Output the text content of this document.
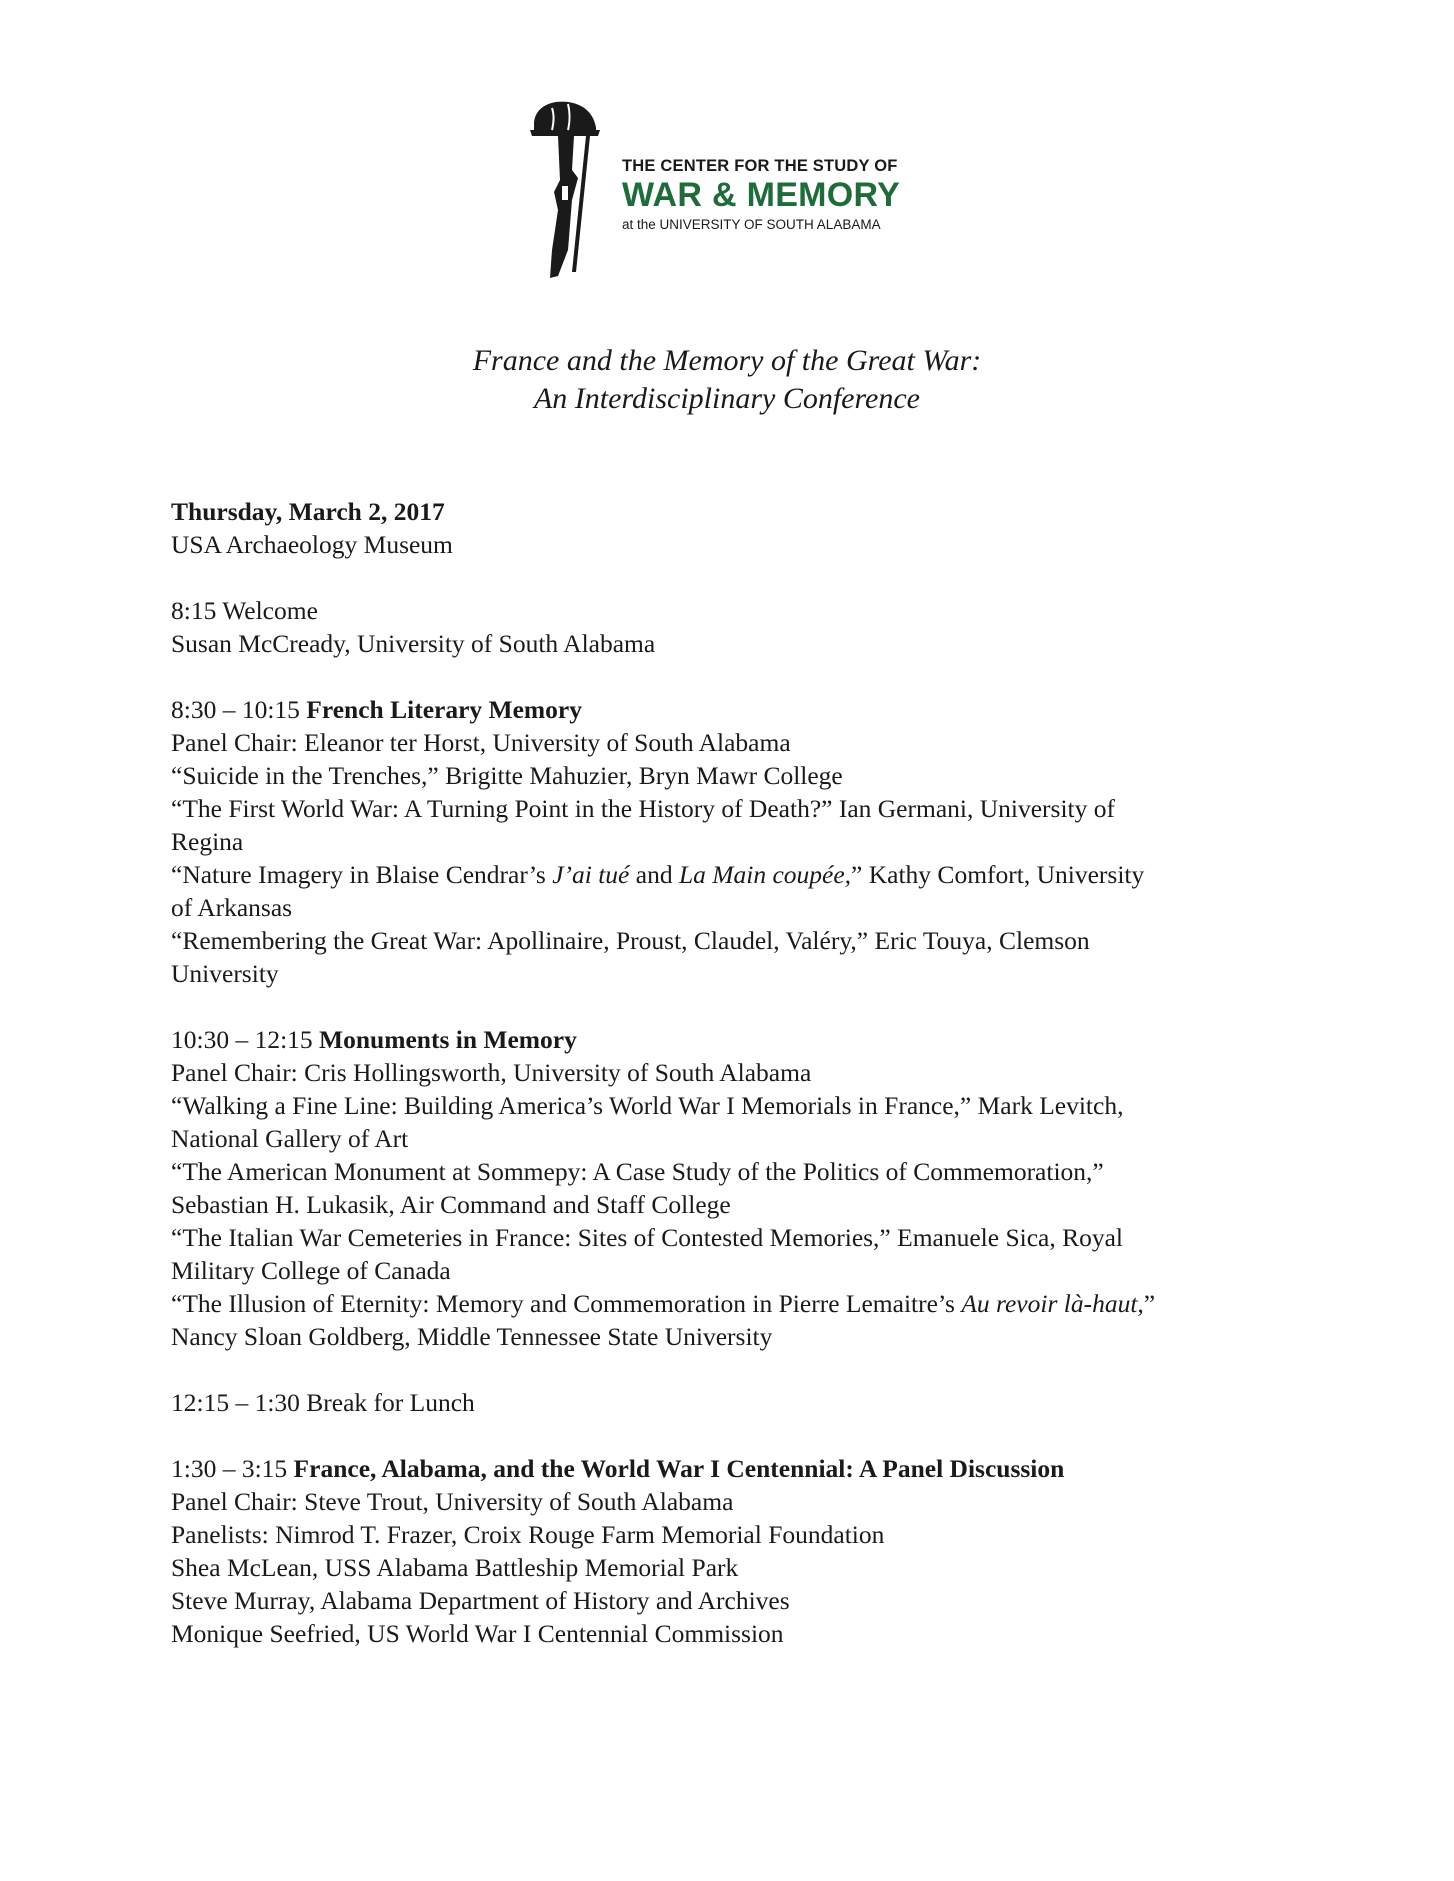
THE CENTER FOR THE STUDY OF
WAR & MEMORY
at the UNIVERSITY OF SOUTH ALABAMA
France and the Memory of the Great War:
An Interdisciplinary Conference
Thursday, March 2, 2017
USA Archaeology Museum
8:15 Welcome
Susan McCready, University of South Alabama
8:30 – 10:15 French Literary Memory
Panel Chair: Eleanor ter Horst, University of South Alabama
“Suicide in the Trenches,” Brigitte Mahuzier, Bryn Mawr College
“The First World War: A Turning Point in the History of Death?” Ian Germani, University of
Regina
“Nature Imagery in Blaise Cendrar’s J’ai tué and La Main coupée,” Kathy Comfort, University
of Arkansas
“Remembering the Great War: Apollinaire, Proust, Claudel, Valéry,” Eric Touya, Clemson
University
10:30 – 12:15 Monuments in Memory
Panel Chair: Cris Hollingsworth, University of South Alabama
“Walking a Fine Line: Building America’s World War I Memorials in France,” Mark Levitch,
National Gallery of Art
“The American Monument at Sommepy: A Case Study of the Politics of Commemoration,”
Sebastian H. Lukasik, Air Command and Staff College
“The Italian War Cemeteries in France: Sites of Contested Memories,” Emanuele Sica, Royal
Military College of Canada
“The Illusion of Eternity: Memory and Commemoration in Pierre Lemaitre’s Au revoir là-haut,”
Nancy Sloan Goldberg, Middle Tennessee State University
12:15 – 1:30 Break for Lunch
1:30 – 3:15 France, Alabama, and the World War I Centennial: A Panel Discussion
Panel Chair: Steve Trout, University of South Alabama
Panelists: Nimrod T. Frazer, Croix Rouge Farm Memorial Foundation
Shea McLean, USS Alabama Battleship Memorial Park
Steve Murray, Alabama Department of History and Archives
Monique Seefried, US World War I Centennial Commission
